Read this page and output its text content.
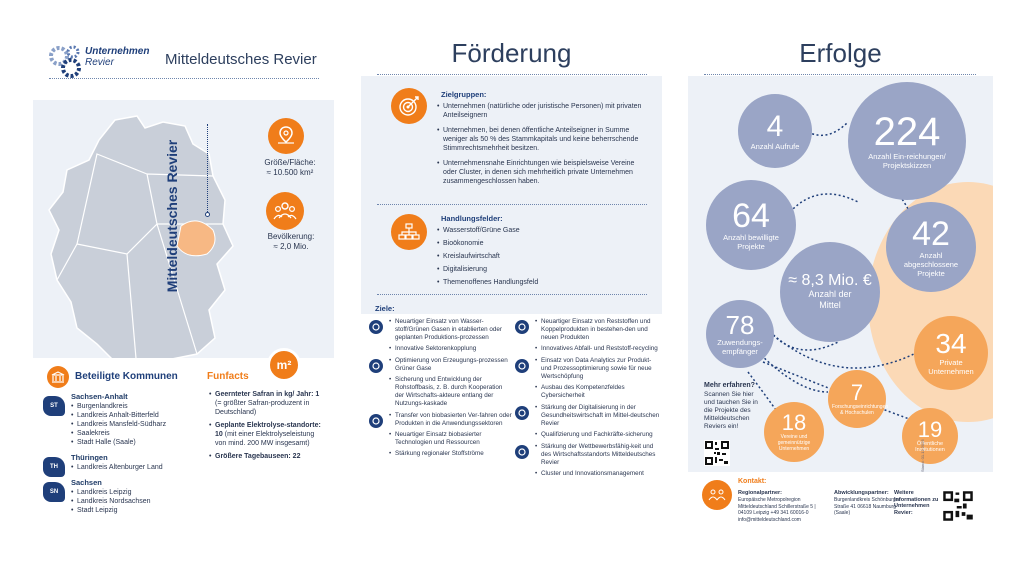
Unternehmen
Revier	Mitteldeutsches Revier
Mitteldeutsches Revier	Größe/Fläche:
≈ 10.500 km²
Bevölkerung:
≈ 2,0 Mio.
Beteiligte Kommunen
ST
Sachsen-Anhalt
• Burgenlandkreis
• Landkreis Anhalt-Bitterfeld
• Landkreis Mansfeld-Südharz
• Saalekreis
• Stadt Halle (Saale)
TH
Thüringen
• Landkreis Altenburger Land
SN
Sachsen
• Landkreis Leipzig
• Landkreis Nordsachsen
• Stadt Leipzig
Funfacts
m²
• Geernteter Safran in kg/ Jahr: 1 (= größter Safran-produzent in Deutschland)
• Geplante Elektrolyse-standorte: 10 (mit einer Elektrolyseleistung von mind. 200 MW insgesamt)
• Größere Tagebauseen: 22
Förderung
Zielgruppen:
• Unternehmen (natürliche oder juristische Personen) mit privaten Anteilseignern
• Unternehmen, bei denen öffentliche Anteilseigner in Summe weniger als 50 % des Stammkapitals und keine beherrschende Stimmrechtsmehrheit besitzen.
• Unternehmensnahe Einrichtungen wie beispielsweise Vereine oder Cluster, in denen sich mehrheitlich private Unternehmen zusammengeschlossen haben.
Handlungsfelder:
• Wasserstoff/Grüne Gase
• Bioökonomie
• Kreislaufwirtschaft
• Digitalisierung
• Themenoffenes Handlungsfeld
Ziele:
• Neuartiger Einsatz von Wasser-stoff/Grünen Gasen in etablierten oder geplanten Produktions-prozessen
• Innovative Sektorenkopplung
• Optimierung von Erzeugungs-prozessen Grüner Gase
• Sicherung und Entwicklung der Rohstoffbasis, z. B. durch Kooperation der Wirtschafts-akteure entlang der Nutzungs-kaskade
• Transfer von biobasierten Ver-fahren oder Produkten in die Anwendungssektoren
• Neuartiger Einsatz biobasierter Technologien und Ressourcen
• Stärkung regionaler Stoffströme
• Neuartiger Einsatz von Reststoffen und Koppelprodukten in bestehen-den und neuen Produkten
• Innovatives Abfall- und Reststoff-recycling
• Einsatz von Data Analytics zur Produkt- und Prozessoptimierung sowie für neue Wertschöpfung
• Ausbau des Kompetenzfeldes Cybersicherheit
• Stärkung der Digitalisierung in der Gesundheitswirtschaft im Mittel-deutschen Revier
• Qualifizierung und Fachkräfte-sicherung
• Stärkung der Wettbewerbsfähig-keit und des Wirtschaftsstandorts Mitteldeutsches Revier
• Cluster und Innovationsmanagement
Erfolge
4
Anzahl Aufrufe 224
Anzahl Ein-reichungen/ Projektskizzen
64
Anzahl bewilligte Projekte	42
Anzahl abgeschlossene Projekte
≈ 8,3 Mio. €
Anzahl der Mittel
78
Zuwendungs-empfänger	34
Private Unternehmen
7
Forschungseinrichtungen & Hochschulen
18
Vereine und gemeinnützige Unternehmen
19
Öffentliche Institutionen
Mehr erfahren?
Scannen Sie hier und tauchen Sie in die Projekte des Mitteldeutschen Reviers ein!
Stand: 01.12.2025
Kontakt:
Regionalpartner:
Europäische Metropolregion Mitteldeutschland Schillerstraße 5 | 04109 Leipzig +49 341 60016-0 info@mitteldeutschland.com
Abwicklungspartner:
Burgenlandkreis Schönburger Straße 41 06618 Naumburg (Saale)
Weitere Informationen zu Unternehmen Revier:
